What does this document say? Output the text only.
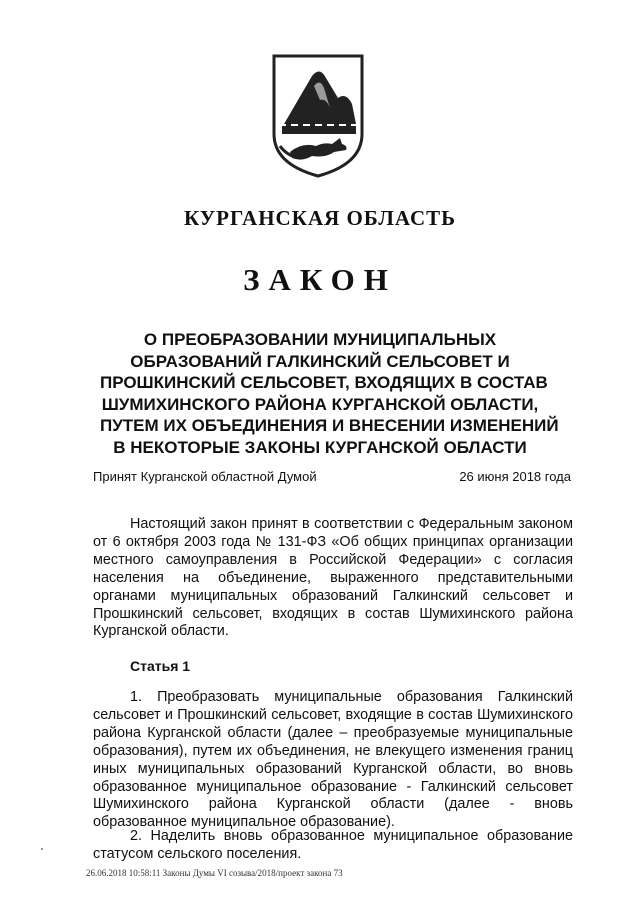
КУРГАНСКАЯ ОБЛАСТЬ
ЗАКОН
О ПРЕОБРАЗОВАНИИ МУНИЦИПАЛЬНЫХ
ОБРАЗОВАНИЙ ГАЛКИНСКИЙ СЕЛЬСОВЕТ И
ПРОШКИНСКИЙ СЕЛЬСОВЕТ, ВХОДЯЩИХ В СОСТАВ
ШУМИХИНСКОГО РАЙОНА КУРГАНСКОЙ ОБЛАСТИ,
ПУТЕМ ИХ ОБЪЕДИНЕНИЯ И ВНЕСЕНИИ ИЗМЕНЕНИЙ
В НЕКОТОРЫЕ ЗАКОНЫ КУРГАНСКОЙ ОБЛАСТИ
Принят Курганской областной Думой	26 июня 2018 года

Настоящий закон принят в соответствии с Федеральным законом от 6 октября 2003 года № 131-ФЗ «Об общих принципах организации местного самоуправления в Российской Федерации» с согласия населения на объединение, выраженного представительными органами муниципальных образований Галкинский сельсовет и Прошкинский сельсовет, входящих в состав Шумихинского района Курганской области.

Статья 1

1. Преобразовать муниципальные образования Галкинский сельсовет и Прошкинский сельсовет, входящие в состав Шумихинского района Курганской области (далее – преобразуемые муниципальные образования), путем их объединения, не влекущего изменения границ иных муниципальных образований Курганской области, во вновь образованное муниципальное образование - Галкинский сельсовет Шумихинского района Курганской области (далее - вновь образованное муниципальное образование).

2. Наделить вновь образованное муниципальное образование статусом сельского поселения.

26.06.2018 10:58:11 Законы Думы VI созыва/2018/проект закона 73
